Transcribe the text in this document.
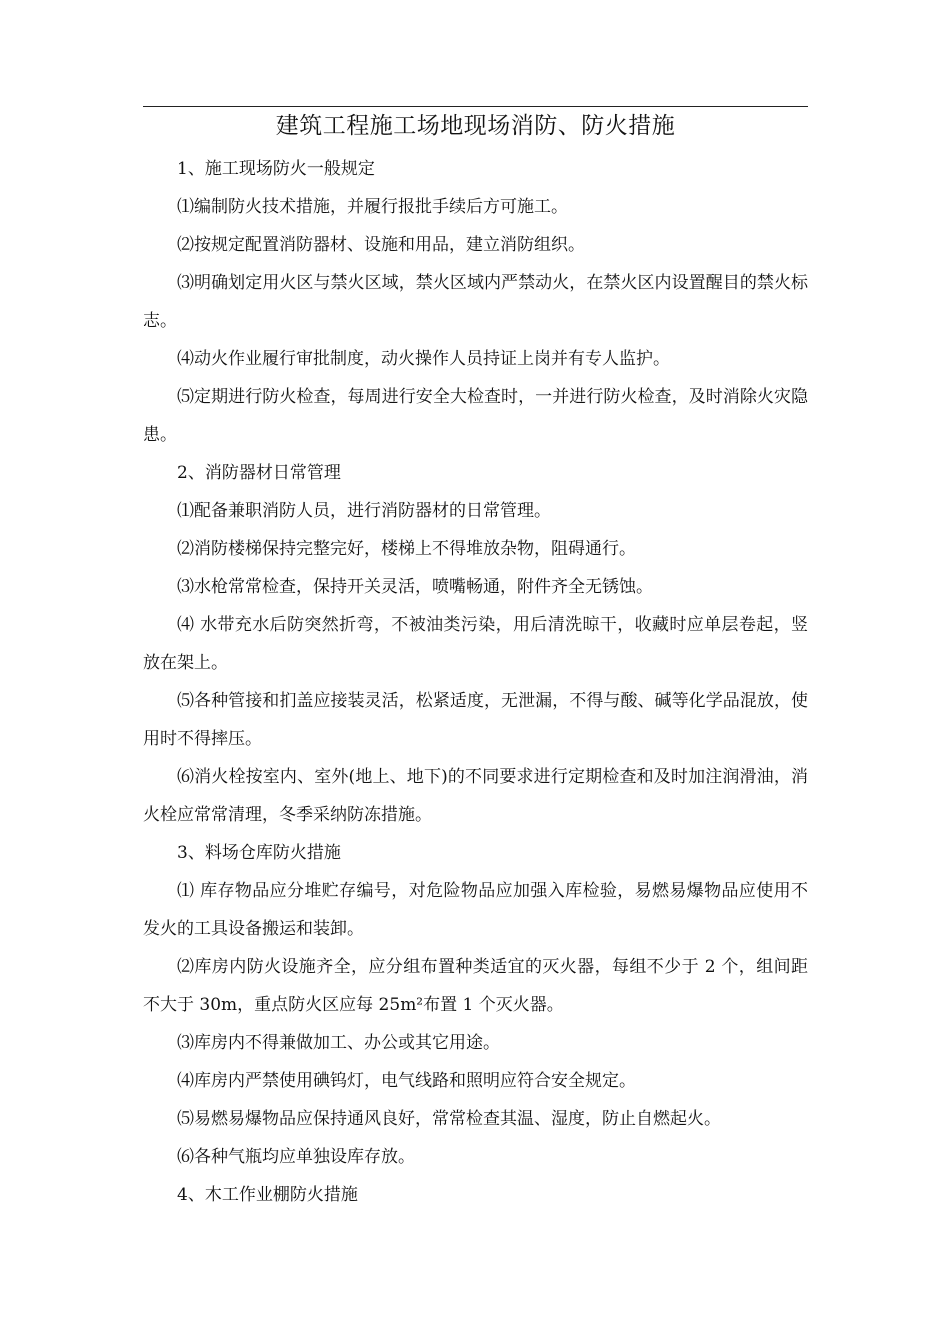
建筑工程施工场地现场消防、防火措施

1、施工现场防火一般规定

⑴编制防火技术措施，并履行报批手续后方可施工。

⑵按规定配置消防器材、设施和用品，建立消防组织。

⑶明确划定用火区与禁火区域，禁火区域内严禁动火，在禁火区内设置醒目的禁火标志。

⑷动火作业履行审批制度，动火操作人员持证上岗并有专人监护。

⑸定期进行防火检查，每周进行安全大检查时，一并进行防火检查，及时消除火灾隐患。

2、消防器材日常管理

⑴配备兼职消防人员，进行消防器材的日常管理。

⑵消防楼梯保持完整完好，楼梯上不得堆放杂物，阻碍通行。

⑶水枪常常检查，保持开关灵活，喷嘴畅通，附件齐全无锈蚀。

⑷ 水带充水后防突然折弯，不被油类污染，用后清洗晾干，收藏时应单层卷起，竖放在架上。

⑸各种管接和扪盖应接装灵活，松紧适度，无泄漏，不得与酸、碱等化学品混放，使用时不得摔压。

⑹消火栓按室内、室外(地上、地下)的不同要求进行定期检查和及时加注润滑油，消火栓应常常清理，冬季采纳防冻措施。

3、料场仓库防火措施

⑴ 库存物品应分堆贮存编号，对危险物品应加强入库检验，易燃易爆物品应使用不发火的工具设备搬运和装卸。

⑵库房内防火设施齐全，应分组布置种类适宜的灭火器，每组不少于 2 个，组间距不大于 30m，重点防火区应每 25m²布置 1 个灭火器。

⑶库房内不得兼做加工、办公或其它用途。

⑷库房内严禁使用碘钨灯，电气线路和照明应符合安全规定。

⑸易燃易爆物品应保持通风良好，常常检查其温、湿度，防止自燃起火。

⑹各种气瓶均应单独设库存放。

4、木工作业棚防火措施
